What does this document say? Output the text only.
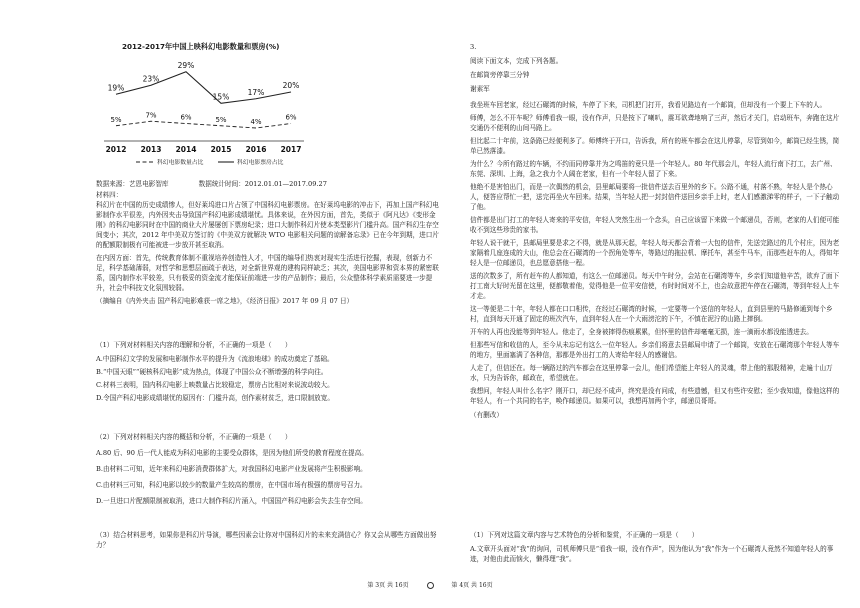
2012-2017年中国上映科幻电影数量和票房(%)
19%
23%
29%
15% 17%
20%
5%
7%	6%	5%	4%
6%
2012 2013 2014 2015 2016 2017
科幻电影数量占比	科幻电影票房占比
数据来源：艺恩电影智库	数据统计时间：2012.01.01—2017.09.27

材料四：

科幻片在中国的历史成绩惨人，但好莱坞进口片占领了中国科幻电影票房。在好莱坞电影的冲击下，再加上国产科幻电影制作水平很差，内外因夹击导致国产科幻电影成绩堪忧。具体来说，在外因方面，首先，类似于《阿凡达》《变形金刚》的科幻电影同时在中国的商业大片屡屡创下票房纪录；进口大制作科幻片使本类型影片门槛升高。国产科幻生存空间变小；其次，2012 年中美双方签订的《中美双方就解决 WTO 电影相关问题的谅解备忘录》已在今年到期，进口片的配额限制极有可能被进一步放开甚至取消。

在内因方面：首先，传统教育体制不重视培养创造性人才，中国的编导们热衷对现实生活进行挖掘，表现，创新力不足，科学基础薄弱，对哲学和思想层面疏于表达，对全新世界观的建构同样缺乏；其次，美国电影界和资本界的紧密联系，国内制作水平较差，只有极妥的资金流才能保证前端进一步的产品制作；最后，公众整体科学素质需要进一步提升，社会中科技文化氛围较弱。

（摘编自《内外夹击 国产科幻电影难获一席之地》，《经济日报》2017 年 09 月 07 日）

（1）下列对材料相关内容的理解和分析，不正确的一项是（　　）

A.中国科幻文学的发展和电影制作水平的提升为《流浪地球》的成功奠定了基础。

B.“中国天眼”“硬核科幻电影”成为热点，体现了中国公众不断增强的科学向往。

C.材料三表明，国内科幻电影上映数量占比较稳定，票房占比相对来说波动较大。

D.令国产科幻电影成绩堪忧的原因有：门槛升高，创作素材贫乏，进口限制放宽。

（2）下列对材料相关内容的概括和分析，不正确的一项是（　　）

A.80 后、90 后一代人能成为科幻电影的主要受众群体，是因为他们所受的教育程度在提高。

B.由材料二可知，近年来科幻电影消费群体扩大，对我国科幻电影产业发展将产生积极影响。

C.由材料三可知，科幻电影以较少的数量产生较高的票房，在中国市场有极强的票房号召力。

D.一旦进口片配额限制被取消，进口大制作科幻片涌入，中国国产科幻电影会失去生存空间。

（3）结合材料思考，如果你是科幻片导演，哪些因素会让你对中国科幻片的未来充满信心？你又会从哪些方面做出努力？

3.

阅读下面文本，完成下列各题。

在邮筒旁停靠三分钟

谢素军

我坐班车回老家，经过石碾湾的时候，车停了下来，司机把门打开，我看见路边有一个邮筒，但却没有一个要上下车的人。

师傅，怎么不开车呢？师傅看我一眼，没有作声，只是按下了喇叭，震耳欲聋地响了三声，然后才关门，启动班车，奔跑在这片交通仍不便利的山间马路上。

但比起二十年前，这条路已经便利多了。师傅终于开口，告诉我，所有的班车都会在这儿停靠，尽管到如今，邮筒已经生锈，简单已然落漆。

为什么？今所有路过的车辆，不约而同停靠并为之鸣笛的竟只是一个年轻人。80 年代那会儿，年轻人流行南下打工，去广州、东莞、深圳、上海，急之我力个人阔在老家，但有一个年轻人留了下来。

他绝不是害怕出门，而是一次偶然的机会，县里邮局要将一批信件送去百里外的乡下。公路不通，村落不熟，年轻人是个热心人，便答应帮忙一把，送完再坐火车回来。结果，当年轻人把一封封信件送回乡亲手上时，老人们感激涕零的样子，一下子触动了他。

信件都是出门打工的年轻人寄来的平安信，年轻人突然生出一个念头，自己应该留下来做一个邮递员，否则，老家的人们便可能收不到这些珍贵的家书。

年轻人说干就干，县邮局里要是求之不得，就是从那天起，年轻人每天都会背着一大包的信件，先送完路过的几个村庄，因为老家隔着几座连成的大山，他总会在石碾湾的一个拐角处等车，等路过的拖拉机、摩托车，甚至牛马车，而那些赶车的人，得知年轻人是一位邮递员，也总愿意搭他一程。

送的次数多了，所有赶车的人都知道，有这么一位邮递员。每天中午时分，会站在石碾湾等车，乡亲们知道他辛苦，欲弃了面下打工南大好时光留在这里，便都敬着他，觉得他是一位平安信使，有时时间对不上，也会故意把车停在石碾湾，等到年轻人上车才走。

这一等便是二十年，年轻人都在口口相传，在经过石碾湾的时候，一定要等一个送信的年轻人，直到县里的马路修通到每个乡村，直到每天开通了固定的班次汽车，直到年轻人在一个大雨滂沱的下午，不慎在泥泞的山路上摔倒。

开车的人再也没能等到年轻人。他走了，全身被摔得伤痕累累，但怀里的信件却毫毫无损，连一滴雨水都没能透进去。

但那些写信和收信的人，至今从未忘记有这么一位年轻人。乡亲们将意去县邮局申请了一个邮筒，安放在石碾湾那个年轻人等车的地方，里面塞满了各种信，那都是外出打工的人寄给年轻人的感谢信。

人走了，但信还在。每一辆路过的汽车都会在这里停靠一会儿，他们希望能上年轻人的灵魂，带上他的那股精神，走遍十山万水，只为告诉你，邮政在，希望就在。

我想问，年轻人叫什么名字？刚开口，却已经不成声，终究是没有问成，有些遗憾，但又有些许安慰；至少我知道，像他这样的年轻人，有一个共同的名字，唤作邮递员。如果可以，我想再加两个字，邮递员哥哥。

（有删改）

（1）下列对这篇文章内容与艺术特色的分析和鉴赏，不正确的一项是（　　）

A.文章开头面对“我”的询问，司机师傅只是“看我一眼，没有作声”，因为他认为“我”作为一个石碾湾人竟然不知道年轻人的事迹，对他由此而恼火，懒得理“我”。

第 3页 共 16页	第 4页 共 16页
